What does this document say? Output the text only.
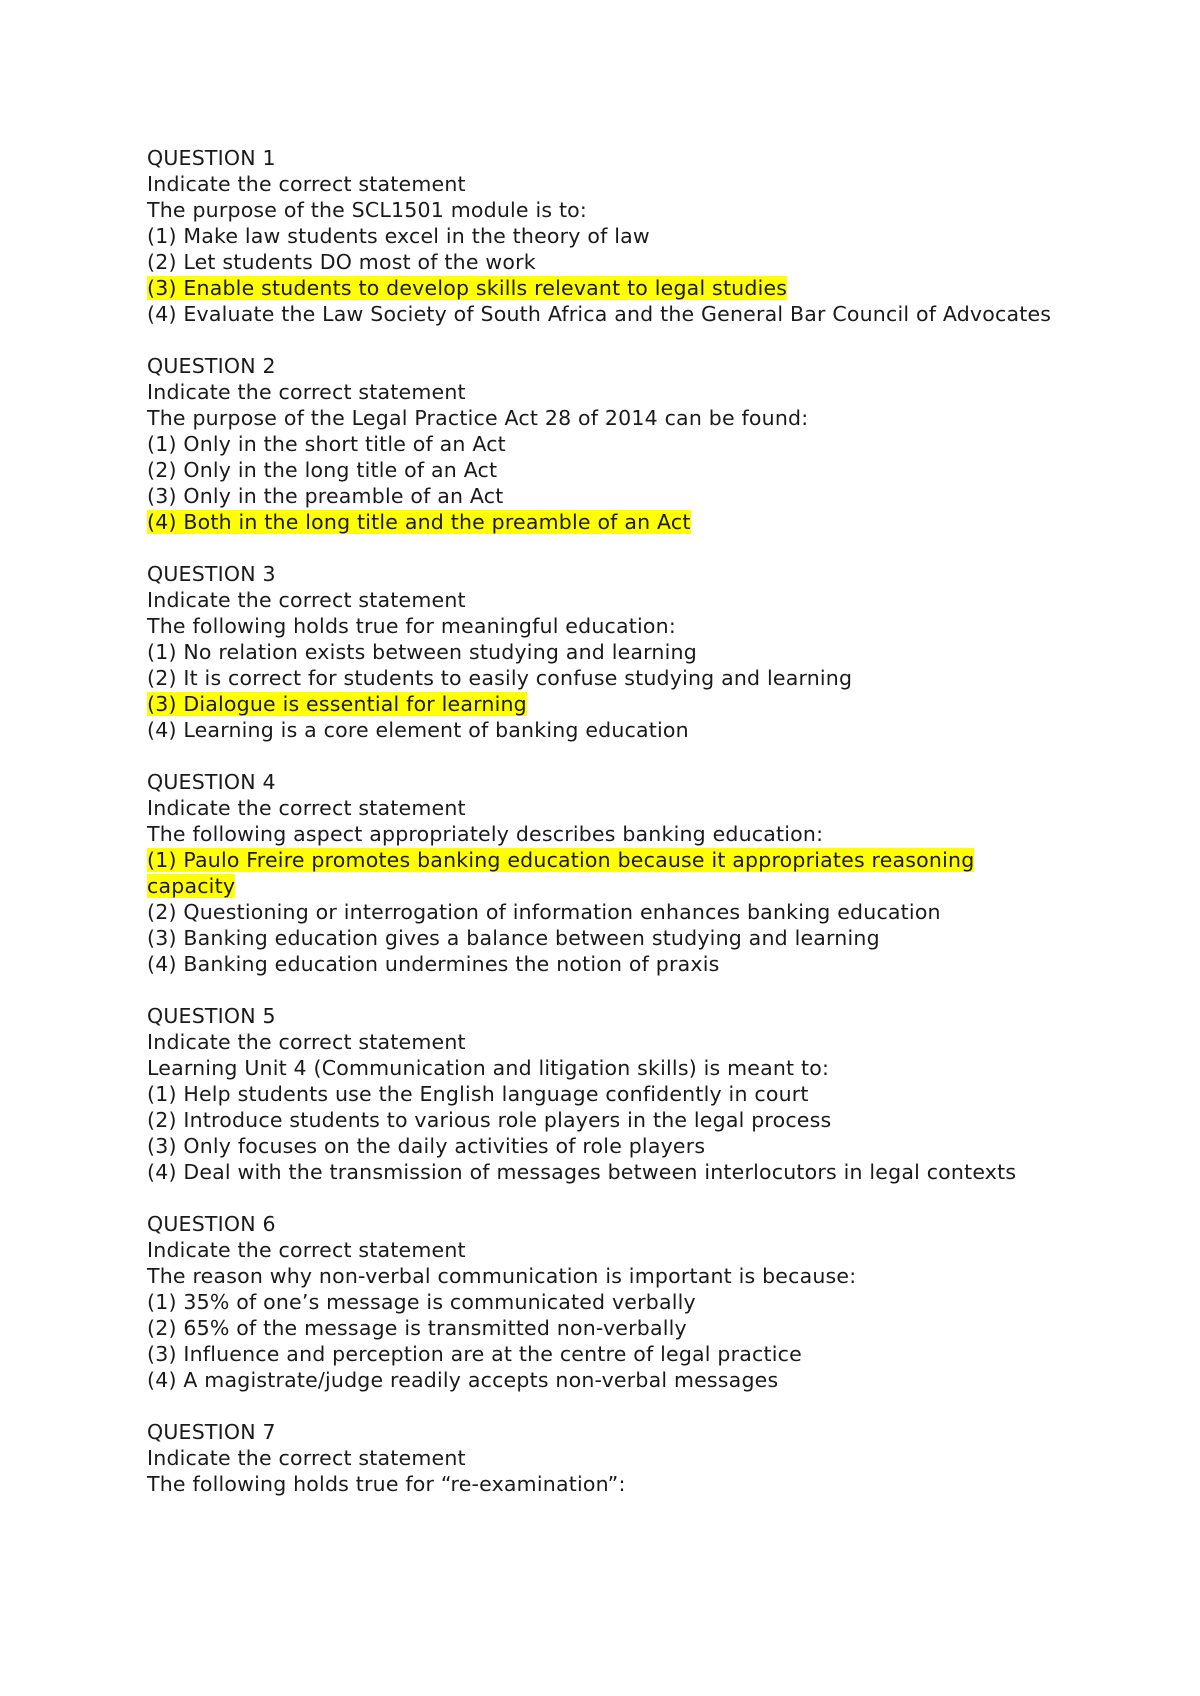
QUESTION 1
Indicate the correct statement
The purpose of the SCL1501 module is to:
(1) Make law students excel in the theory of law
(2) Let students DO most of the work
(3) Enable students to develop skills relevant to legal studies
(4) Evaluate the Law Society of South Africa and the General Bar Council of Advocates
QUESTION 2
Indicate the correct statement
The purpose of the Legal Practice Act 28 of 2014 can be found:
(1) Only in the short title of an Act
(2) Only in the long title of an Act
(3) Only in the preamble of an Act
(4) Both in the long title and the preamble of an Act
QUESTION 3
Indicate the correct statement
The following holds true for meaningful education:
(1) No relation exists between studying and learning
(2) It is correct for students to easily confuse studying and learning
(3) Dialogue is essential for learning
(4) Learning is a core element of banking education
QUESTION 4
Indicate the correct statement
The following aspect appropriately describes banking education:
(1) Paulo Freire promotes banking education because it appropriates reasoning capacity
(2) Questioning or interrogation of information enhances banking education
(3) Banking education gives a balance between studying and learning
(4) Banking education undermines the notion of praxis
QUESTION 5
Indicate the correct statement
Learning Unit 4 (Communication and litigation skills) is meant to:
(1) Help students use the English language confidently in court
(2) Introduce students to various role players in the legal process
(3) Only focuses on the daily activities of role players
(4) Deal with the transmission of messages between interlocutors in legal contexts
QUESTION 6
Indicate the correct statement
The reason why non-verbal communication is important is because:
(1) 35% of one’s message is communicated verbally
(2) 65% of the message is transmitted non-verbally
(3) Influence and perception are at the centre of legal practice
(4) A magistrate/judge readily accepts non-verbal messages
QUESTION 7
Indicate the correct statement
The following holds true for “re-examination”:
